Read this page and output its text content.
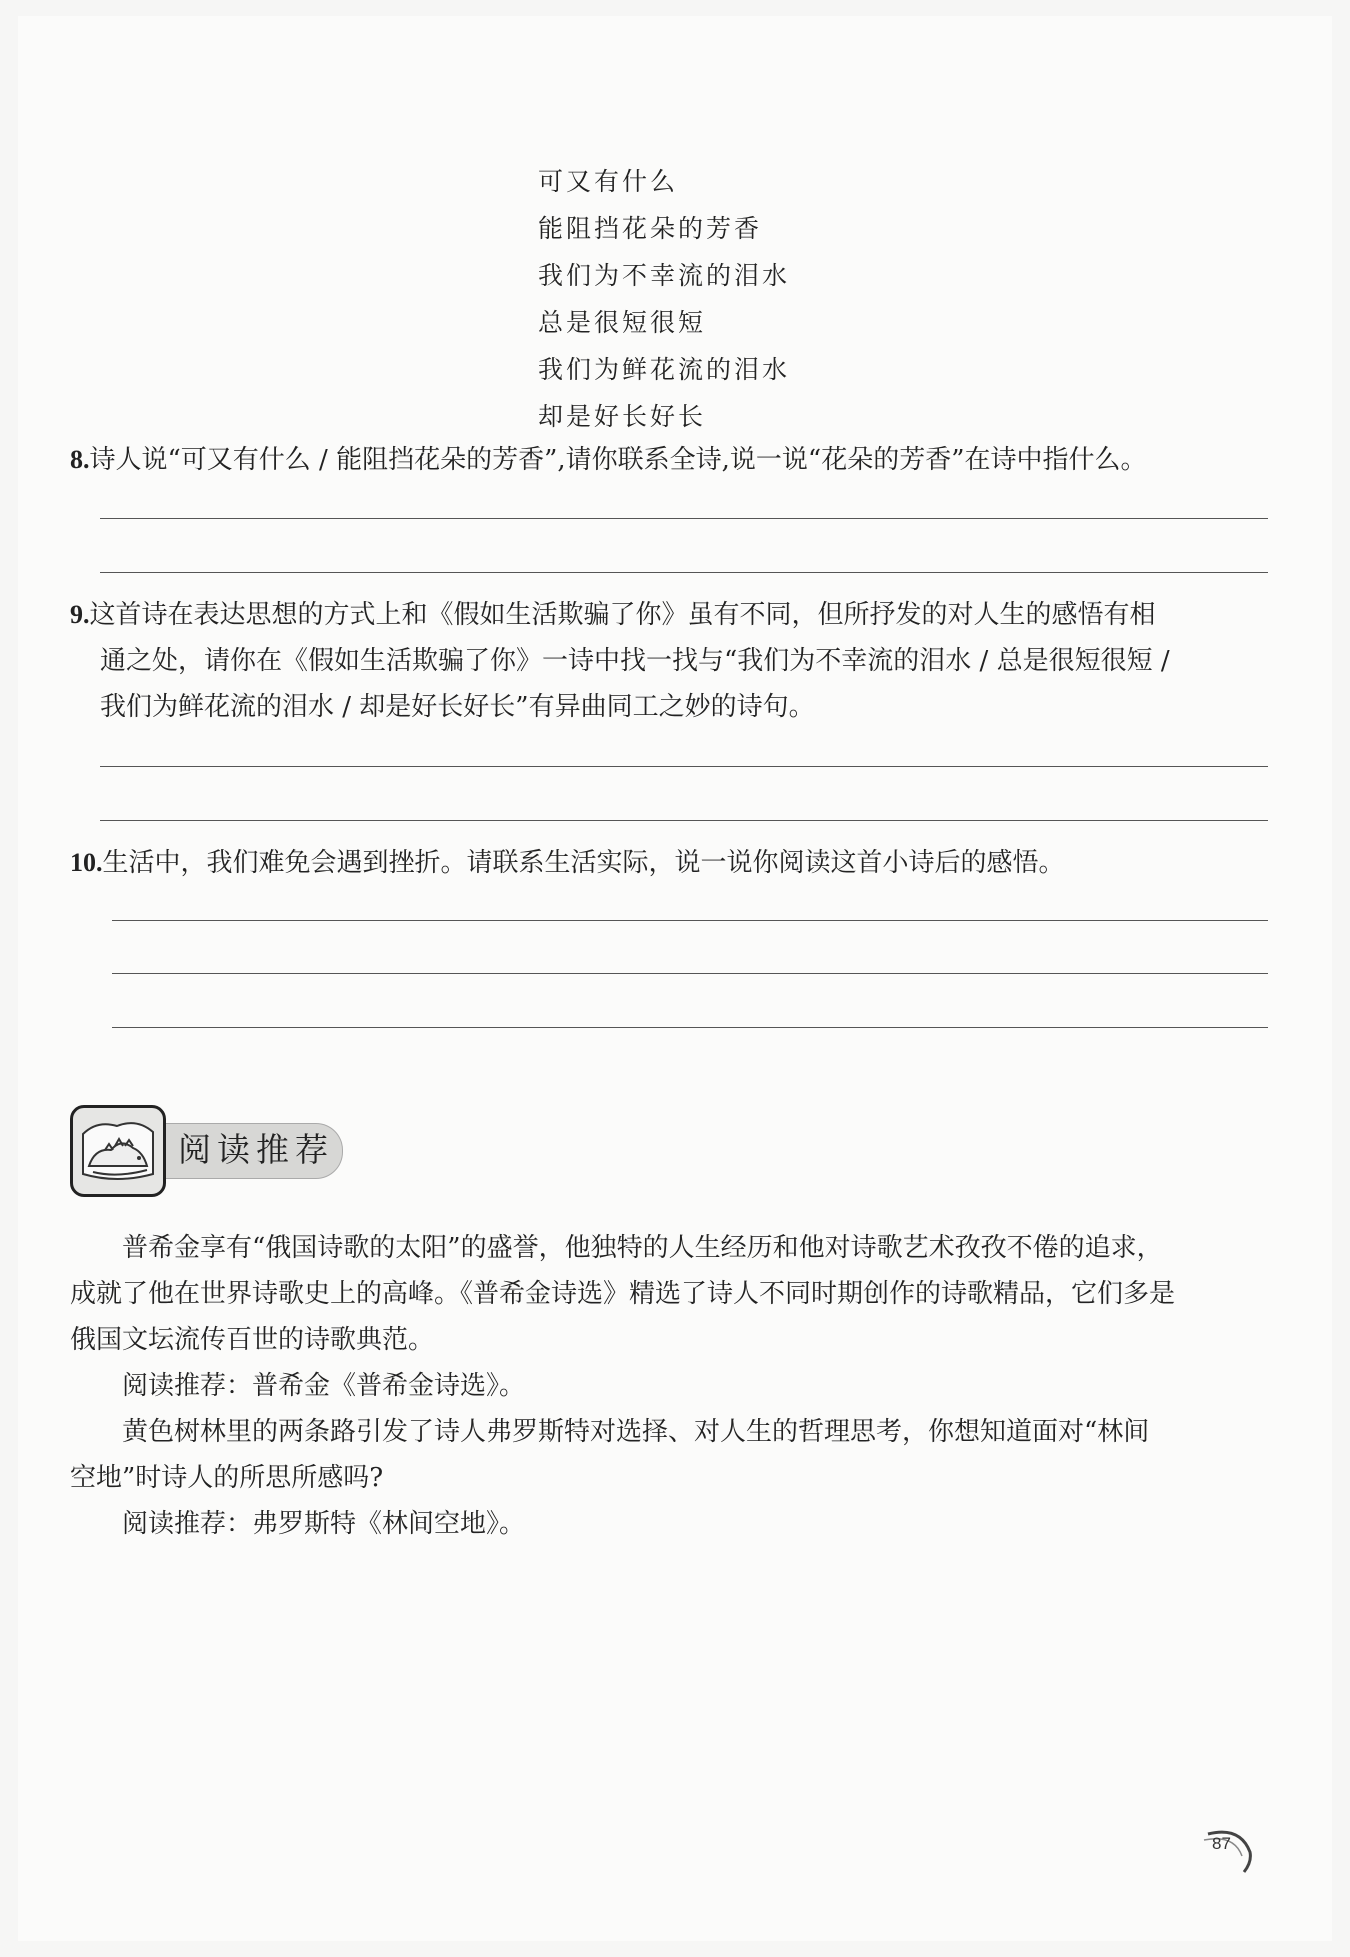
可又有什么
能阻挡花朵的芳香
我们为不幸流的泪水
总是很短很短
我们为鲜花流的泪水
却是好长好长
8.诗人说“可又有什么 / 能阻挡花朵的芳香”,请你联系全诗,说一说“花朵的芳香”在诗中指什么。
9.这首诗在表达思想的方式上和《假如生活欺骗了你》虽有不同，但所抒发的对人生的感悟有相
通之处，请你在《假如生活欺骗了你》一诗中找一找与“我们为不幸流的泪水 / 总是很短很短 /
我们为鲜花流的泪水 / 却是好长好长”有异曲同工之妙的诗句。
10.生活中，我们难免会遇到挫折。请联系生活实际，说一说你阅读这首小诗后的感悟。
阅读推荐
　　普希金享有“俄国诗歌的太阳”的盛誉，他独特的人生经历和他对诗歌艺术孜孜不倦的追求，
成就了他在世界诗歌史上的高峰。《普希金诗选》精选了诗人不同时期创作的诗歌精品，它们多是
俄国文坛流传百世的诗歌典范。
　　阅读推荐：普希金《普希金诗选》。
　　黄色树林里的两条路引发了诗人弗罗斯特对选择、对人生的哲理思考，你想知道面对“林间
空地”时诗人的所思所感吗?
　　阅读推荐：弗罗斯特《林间空地》。
87
